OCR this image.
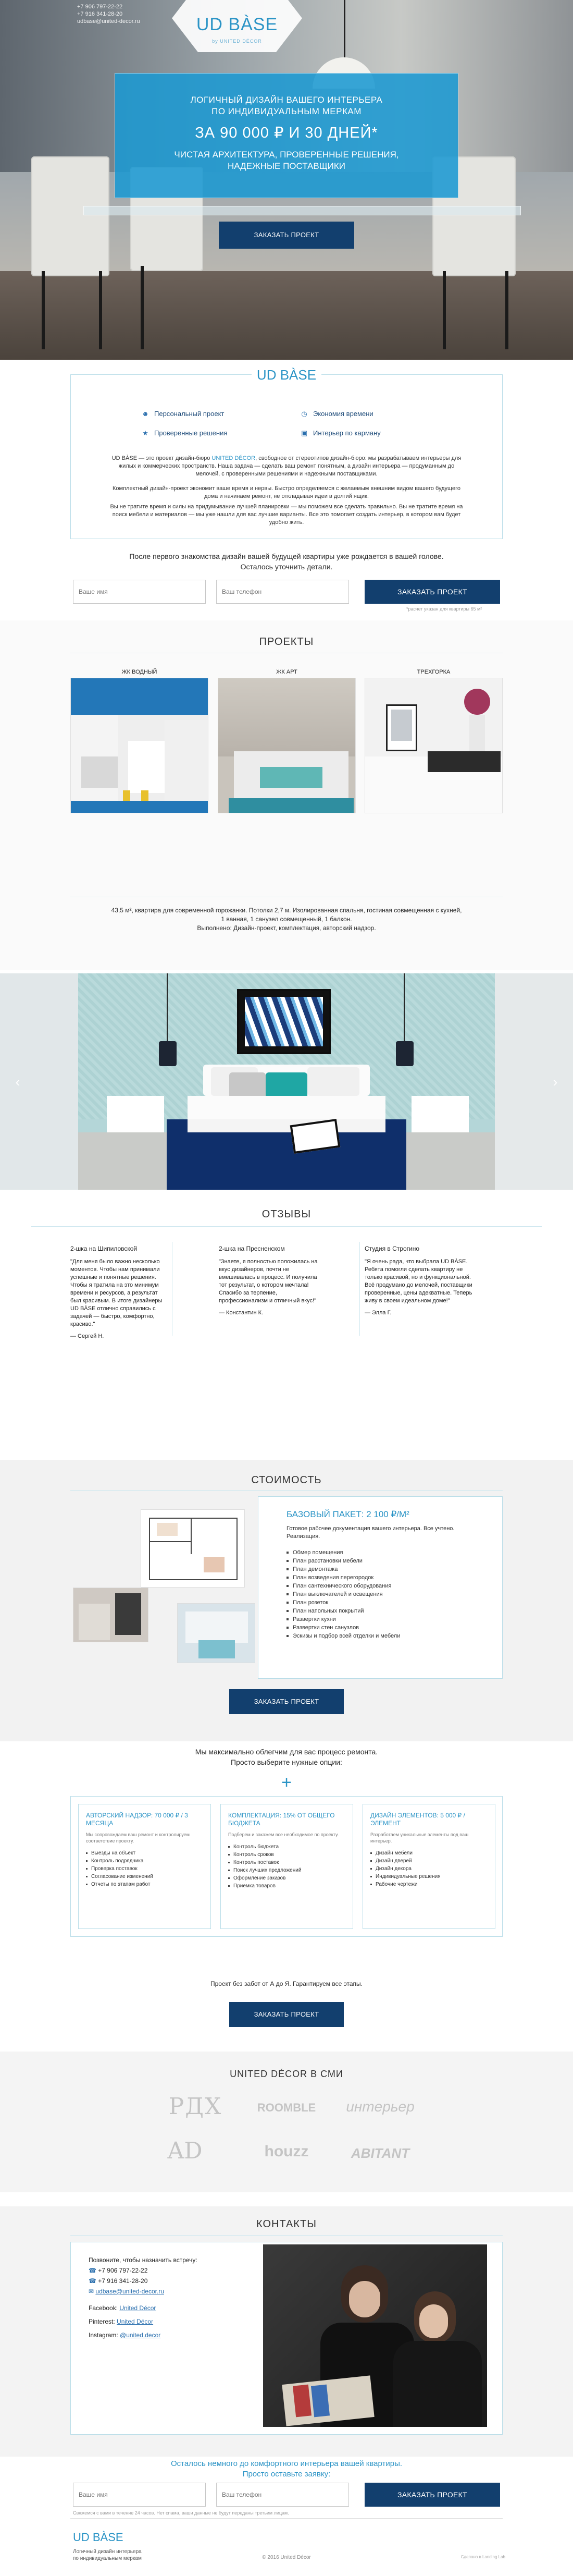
+7 906 797-22-22
+7 916 341-28-20
udbase@united-decor.ru	UD BÀSE
by UNITED DÉCOR
ЛОГИЧНЫЙ ДИЗАЙН ВАШЕГО ИНТЕРЬЕРА
ПО ИНДИВИДУАЛЬНЫМ МЕРКАМ
ЗА 90 000 ₽ И 30 ДНЕЙ*
ЧИСТАЯ АРХИТЕКТУРА, ПРОВЕРЕННЫЕ РЕШЕНИЯ,
НАДЕЖНЫЕ ПОСТАВЩИКИ
ЗАКАЗАТЬ ПРОЕКТ
UD BÀSE
☻ Персональный проект	◷ Экономия времени
★ Проверенные решения	▣ Интерьер по карману
UD BÀSE — это проект дизайн-бюро UNITED DÉCOR, свободное от стереотипов дизайн-бюро: мы разрабатываем интерьеры для жилых и коммерческих пространств. Наша задача — сделать ваш ремонт понятным, а дизайн интерьера — продуманным до мелочей, с проверенными решениями и надежными поставщиками.
Комплектный дизайн-проект экономит ваше время и нервы. Быстро определяемся с желаемым внешним видом вашего будущего дома и начинаем ремонт, не откладывая идеи в долгий ящик.
Вы не тратите время и силы на придумывание лучшей планировки — мы поможем все сделать правильно. Вы не тратите время на поиск мебели и материалов — мы уже нашли для вас лучшие варианты. Все это помогает создать интерьер, в котором вам будет удобно жить.
После первого знакомства дизайн вашей будущей квартиры уже рождается в вашей голове.
Осталось уточнить детали.
Ваше имя
Ваш телефон
ЗАКАЗАТЬ ПРОЕКТ
*расчет указан для квартиры 65 м²
ПРОЕКТЫ
ЖК ВОДНЫЙ	ЖК АРТ	ТРЕХГОРКА
43,5 м², квартира для современной горожанки. Потолки 2,7 м. Изолированная спальня, гостиная совмещенная с кухней,
1 ванная, 1 санузел совмещенный, 1 балкон.
Выполнено: Дизайн-проект, комплектация, авторский надзор.
‹	›
ОТЗЫВЫ
2-шка на Шипиловской
"Для меня было важно несколько моментов. Чтобы нам принимали успешные и понятные решения. Чтобы я тратила на это минимум времени и ресурсов, а результат был красивым. В итоге дизайнеры UD BÀSE отлично справились с задачей — быстро, комфортно, красиво."
— Сергей Н.
2-шка на Пресненском
"Знаете, я полностью положилась на вкус дизайнеров, почти не вмешивалась в процесс. И получила тот результат, о котором мечтала! Спасибо за терпение, профессионализм и отличный вкус!"
— Константин К.
Студия в Строгино
"Я очень рада, что выбрала UD BÀSE. Ребята помогли сделать квартиру не только красивой, но и функциональной. Всё продумано до мелочей, поставщики проверенные, цены адекватные. Теперь живу в своем идеальном доме!"
— Элла Г.
СТОИМОСТЬ
БАЗОВЫЙ ПАКЕТ: 2 100 ₽/М²
Готовое рабочее документация вашего интерьера. Все учтено. Реализация.
Обмер помещения
План расстановки мебели
План демонтажа
План возведения перегородок
План сантехнического оборудования
План выключателей и освещения
План розеток
План напольных покрытий
Развертки кухни
Развертки стен санузлов
Эскизы и подбор всей отделки и мебели
ЗАКАЗАТЬ ПРОЕКТ
Мы максимально облегчим для вас процесс ремонта.
Просто выберите нужные опции:
+
АВТОРСКИЙ НАДЗОР: 70 000 ₽ / 3 МЕСЯЦА
Мы сопровождаем ваш ремонт и контролируем соответствие проекту.
Выезды на объект
Контроль подрядчика
Проверка поставок
Согласование изменений
Отчеты по этапам работ
КОМПЛЕКТАЦИЯ: 15% ОТ ОБЩЕГО БЮДЖЕТА
Подберем и закажем все необходимое по проекту.
Контроль бюджета
Контроль сроков
Контроль поставок
Поиск лучших предложений
Оформление заказов
Приемка товаров
ДИЗАЙН ЭЛЕМЕНТОВ: 5 000 ₽ / ЭЛЕМЕНТ
Разработаем уникальные элементы под ваш интерьер.
Дизайн мебели
Дизайн дверей
Дизайн декора
Индивидуальные решения
Рабочие чертежи
Проект без забот от А до Я. Гарантируем все этапы.
ЗАКАЗАТЬ ПРОЕКТ
UNITED DÉCOR В СМИ
РДХ	ROOMBLE	интерьер
AD	houzz	ABITANT
КОНТАКТЫ
Позвоните, чтобы назначить встречу:
☎ +7 906 797-22-22
☎ +7 916 341-28-20
✉ udbase@united-decor.ru
Facebook: United Décor
Pinterest: United Décor
Instagram: @united.decor
Осталось немного до комфортного интерьера вашей квартиры.
Просто оставьте заявку:
Ваше имя
Ваш телефон
ЗАКАЗАТЬ ПРОЕКТ
Свяжемся с вами в течение 24 часов. Нет спама, ваши данные не будут переданы третьим лицам.
UD BÀSE
Логичный дизайн интерьера
по индивидуальным меркам	© 2016 United Décor	Сделано в Landing Lab
